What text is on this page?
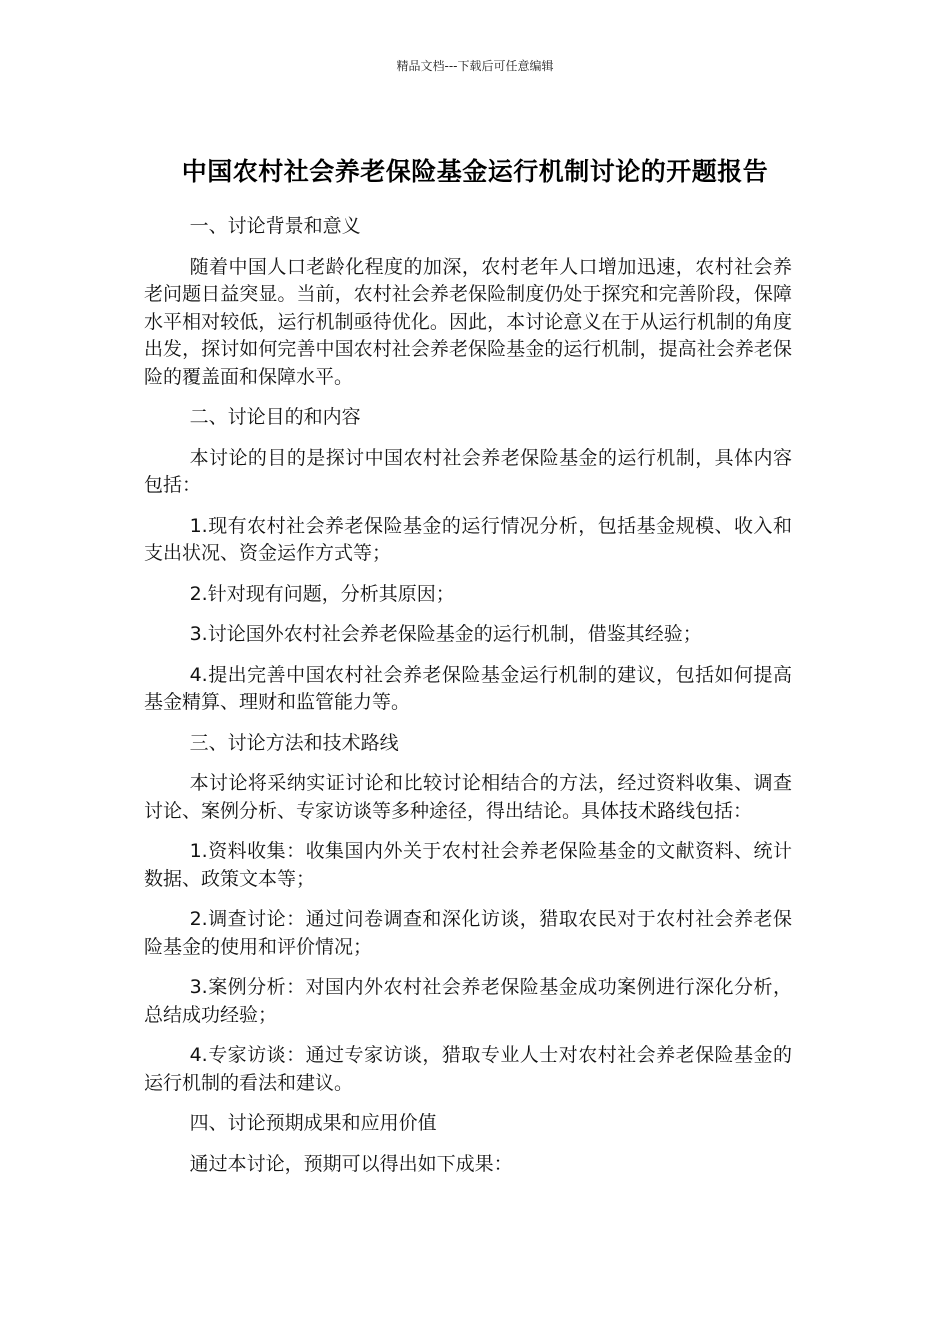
精品文档---下载后可任意编辑
中国农村社会养老保险基金运行机制讨论的开题报告

一、讨论背景和意义

随着中国人口老龄化程度的加深，农村老年人口增加迅速，农村社会养老问题日益突显。当前，农村社会养老保险制度仍处于探究和完善阶段，保障水平相对较低，运行机制亟待优化。因此，本讨论意义在于从运行机制的角度出发，探讨如何完善中国农村社会养老保险基金的运行机制，提高社会养老保险的覆盖面和保障水平。

二、讨论目的和内容

本讨论的目的是探讨中国农村社会养老保险基金的运行机制，具体内容包括：

1.现有农村社会养老保险基金的运行情况分析，包括基金规模、收入和支出状况、资金运作方式等；

2.针对现有问题，分析其原因；

3.讨论国外农村社会养老保险基金的运行机制，借鉴其经验；

4.提出完善中国农村社会养老保险基金运行机制的建议，包括如何提高基金精算、理财和监管能力等。

三、讨论方法和技术路线

本讨论将采纳实证讨论和比较讨论相结合的方法，经过资料收集、调查讨论、案例分析、专家访谈等多种途径，得出结论。具体技术路线包括：

1.资料收集：收集国内外关于农村社会养老保险基金的文献资料、统计数据、政策文本等；

2.调查讨论：通过问卷调查和深化访谈，猎取农民对于农村社会养老保险基金的使用和评价情况；

3.案例分析：对国内外农村社会养老保险基金成功案例进行深化分析，总结成功经验；

4.专家访谈：通过专家访谈，猎取专业人士对农村社会养老保险基金的运行机制的看法和建议。

四、讨论预期成果和应用价值

通过本讨论，预期可以得出如下成果：
